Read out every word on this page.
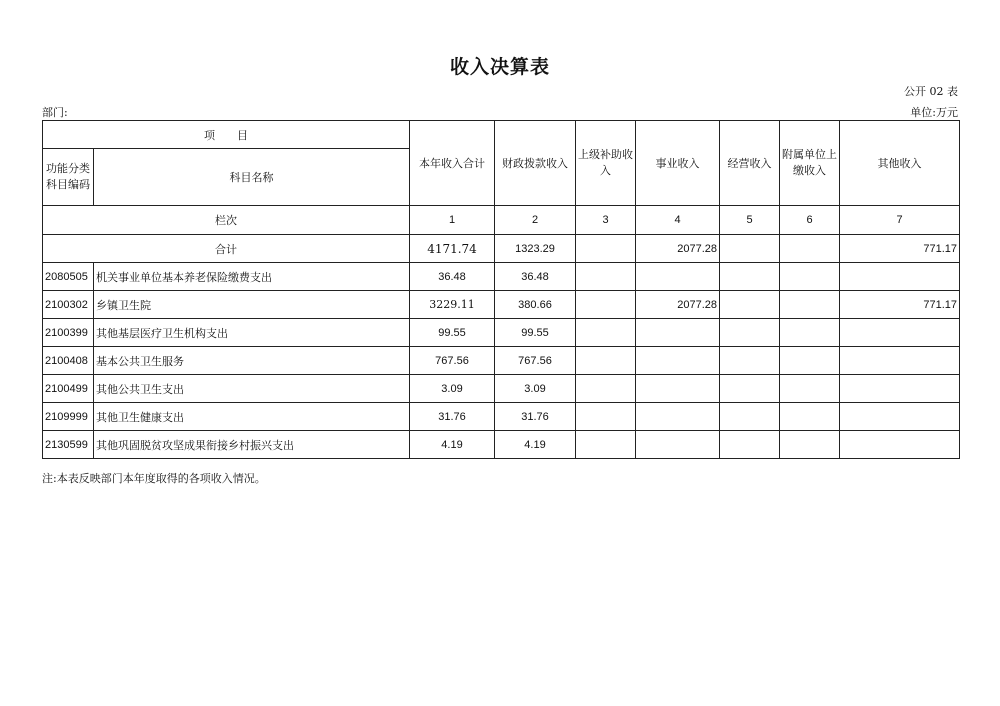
收入决算表
公开 02 表
部门:	单位:万元
项　　目		本年收入合计	财政拨款收入	上级补助收入	事业收入	经营收入	附属单位上缴收入	其他收入
功能分类科目编码	科目名称							
栏次		1	2	3	4	5	6	7
合计		4171.74	1323.29		2077.28			771.17
2080505	机关事业单位基本养老保险缴费支出	36.48	36.48					
2100302	乡镇卫生院	3229.11	380.66		2077.28			771.17
2100399	其他基层医疗卫生机构支出	99.55	99.55					
2100408	基本公共卫生服务	767.56	767.56					
2100499	其他公共卫生支出	3.09	3.09					
2109999	其他卫生健康支出	31.76	31.76					
2130599	其他巩固脱贫攻坚成果衔接乡村振兴支出	4.19	4.19					
注:本表反映部门本年度取得的各项收入情况。
